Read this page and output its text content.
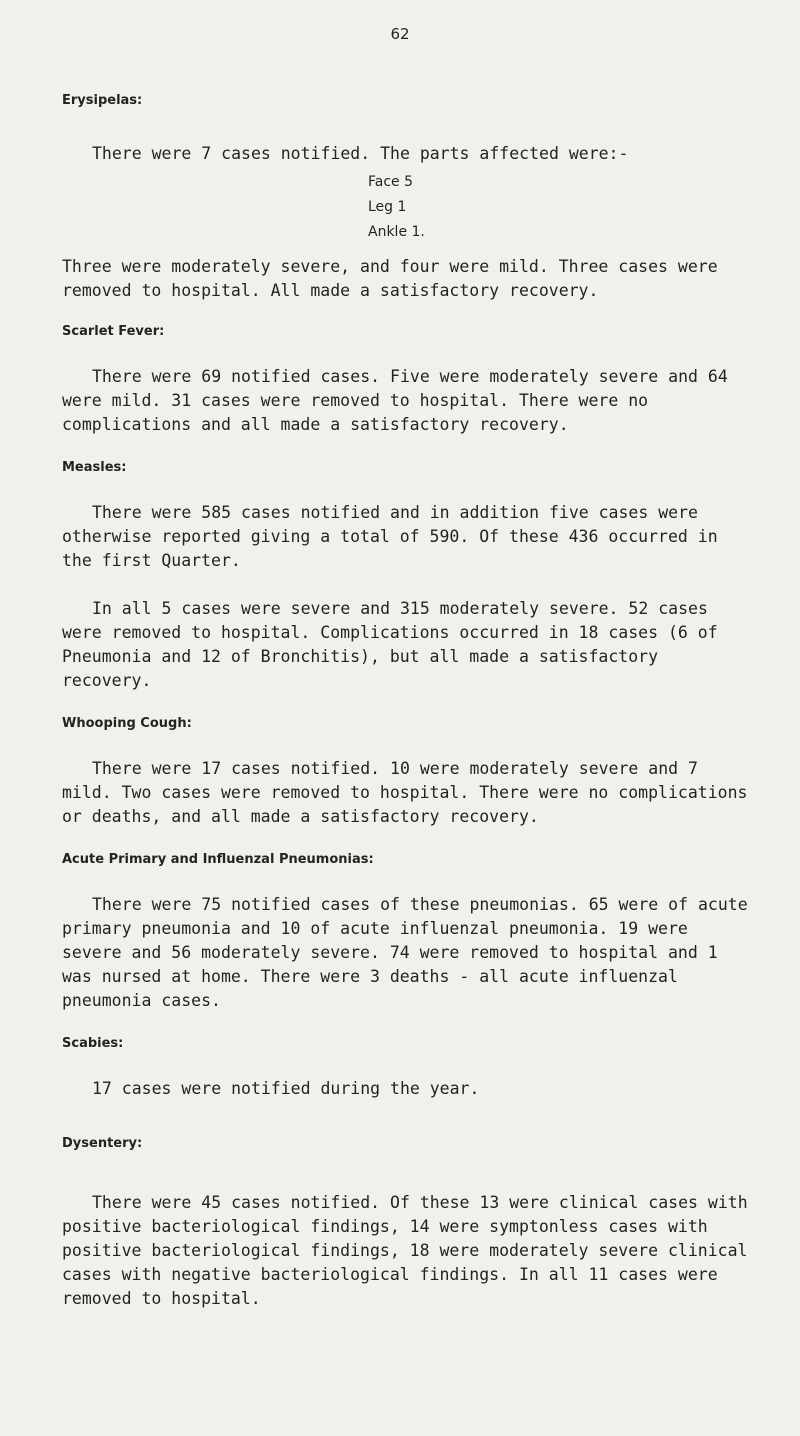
62
Erysipelas:

There were 7 cases notified. The parts affected were:-

Face 5
Leg 1
Ankle 1.

Three were moderately severe, and four were mild. Three cases were removed to hospital. All made a satisfactory recovery.

Scarlet Fever:

There were 69 notified cases. Five were moderately severe and 64 were mild. 31 cases were removed to hospital. There were no complications and all made a satisfactory recovery.

Measles:

There were 585 cases notified and in addition five cases were otherwise reported giving a total of 590. Of these 436 occurred in the first Quarter.

In all 5 cases were severe and 315 moderately severe. 52 cases were removed to hospital. Complications occurred in 18 cases (6 of Pneumonia and 12 of Bronchitis), but all made a satisfactory recovery.

Whooping Cough:

There were 17 cases notified. 10 were moderately severe and 7 mild. Two cases were removed to hospital. There were no complications or deaths, and all made a satisfactory recovery.

Acute Primary and Influenzal Pneumonias:

There were 75 notified cases of these pneumonias. 65 were of acute primary pneumonia and 10 of acute influenzal pneumonia. 19 were severe and 56 moderately severe. 74 were removed to hospital and 1 was nursed at home. There were 3 deaths - all acute influenzal pneumonia cases.

Scabies:

17 cases were notified during the year.

Dysentery:

There were 45 cases notified. Of these 13 were clinical cases with positive bacteriological findings, 14 were symptonless cases with positive bacteriological findings, 18 were moderately severe clinical cases with negative bacteriological findings. In all 11 cases were removed to hospital.
